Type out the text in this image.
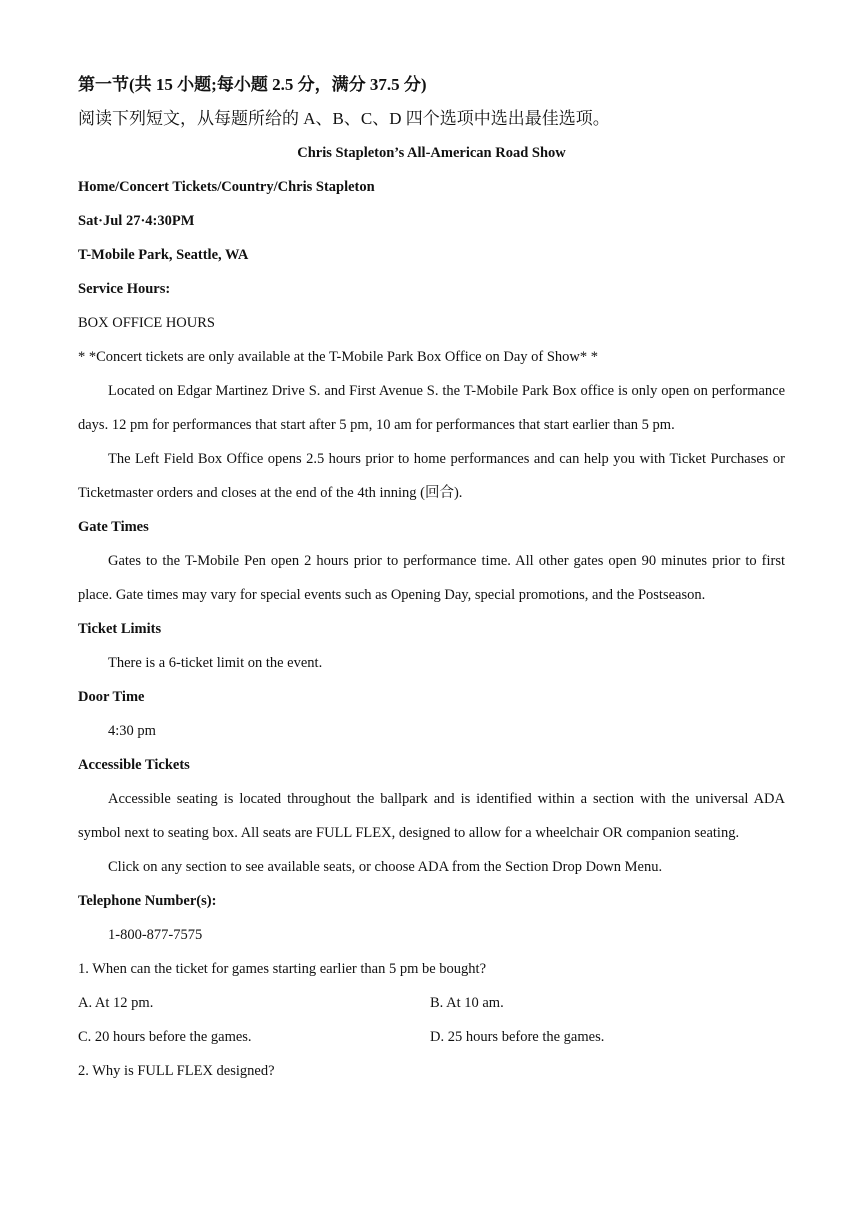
第一节(共 15 小题;每小题 2.5 分，满分 37.5 分)
阅读下列短文，从每题所给的 A、B、C、D 四个选项中选出最佳选项。
Chris Stapleton’s All-American Road Show
Home/Concert Tickets/Country/Chris Stapleton
Sat·Jul 27·4:30PM
T-Mobile Park, Seattle, WA
Service Hours:
BOX OFFICE HOURS
* *Concert tickets are only available at the T-Mobile Park Box Office on Day of Show* *
Located on Edgar Martinez Drive S. and First Avenue S. the T-Mobile Park Box office is only open on performance days. 12 pm for performances that start after 5 pm, 10 am for performances that start earlier than 5 pm.
The Left Field Box Office opens 2.5 hours prior to home performances and can help you with Ticket Purchases or Ticketmaster orders and closes at the end of the 4th inning (回合).
Gate Times
Gates to the T-Mobile Pen open 2 hours prior to performance time. All other gates open 90 minutes prior to first place. Gate times may vary for special events such as Opening Day, special promotions, and the Postseason.
Ticket Limits
There is a 6-ticket limit on the event.
Door Time
4:30 pm
Accessible Tickets
Accessible seating is located throughout the ballpark and is identified within a section with the universal ADA symbol next to seating box. All seats are FULL FLEX, designed to allow for a wheelchair OR companion seating.
Click on any section to see available seats, or choose ADA from the Section Drop Down Menu.
Telephone Number(s):
1-800-877-7575
1. When can the ticket for games starting earlier than 5 pm be bought?
A. At 12 pm.	B. At 10 am.
C. 20 hours before the games.	D. 25 hours before the games.
2. Why is FULL FLEX designed?
